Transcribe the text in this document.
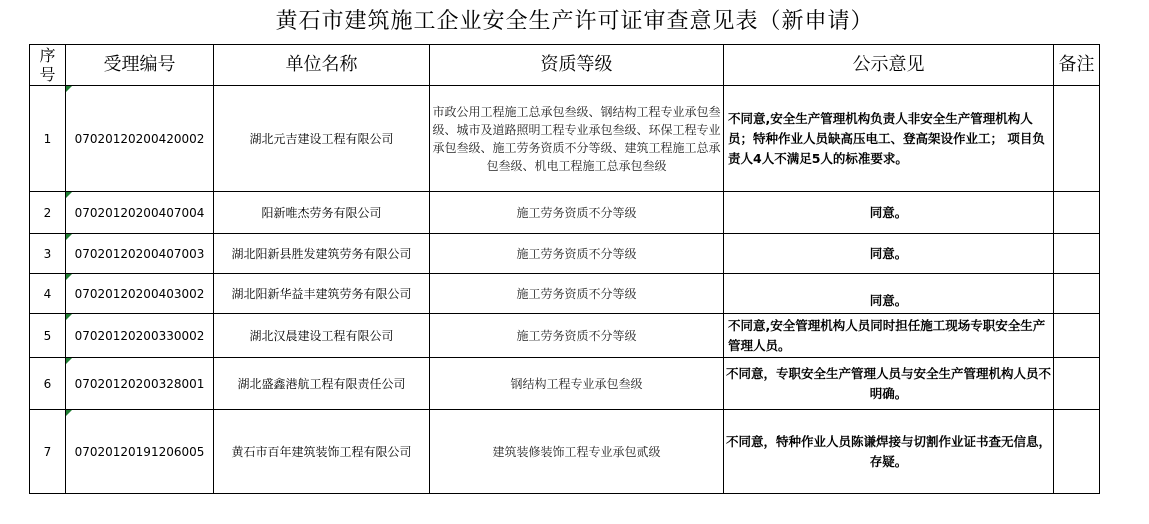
黄石市建筑施工企业安全生产许可证审查意见表（新申请）
序号	受理编号	单位名称	资质等级	公示意见	备注
1	07020120200420002	湖北元吉建设工程有限公司	市政公用工程施工总承包叁级、钢结构工程专业承包叁级、城市及道路照明工程专业承包叁级、环保工程专业承包叁级、施工劳务资质不分等级、建筑工程施工总承包叁级、机电工程施工总承包叁级	不同意,安全生产管理机构负责人非安全生产管理机构人员；特种作业人员缺高压电工、登高架设作业工； 项目负责人4人不满足5人的标准要求。	
2	07020120200407004	阳新唯杰劳务有限公司	施工劳务资质不分等级	同意。	
3	07020120200407003	湖北阳新县胜发建筑劳务有限公司	施工劳务资质不分等级	同意。	
4	07020120200403002	湖北阳新华益丰建筑劳务有限公司	施工劳务资质不分等级	同意。	
5	07020120200330002	湖北汉晨建设工程有限公司	施工劳务资质不分等级	不同意,安全管理机构人员同时担任施工现场专职安全生产管理人员。	
6	07020120200328001	湖北盛鑫港航工程有限责任公司	钢结构工程专业承包叁级	不同意，专职安全生产管理人员与安全生产管理机构人员不明确。	
7	07020120191206005	黄石市百年建筑装饰工程有限公司	建筑装修装饰工程专业承包贰级	不同意，特种作业人员陈谦焊接与切割作业证书查无信息，存疑。	
